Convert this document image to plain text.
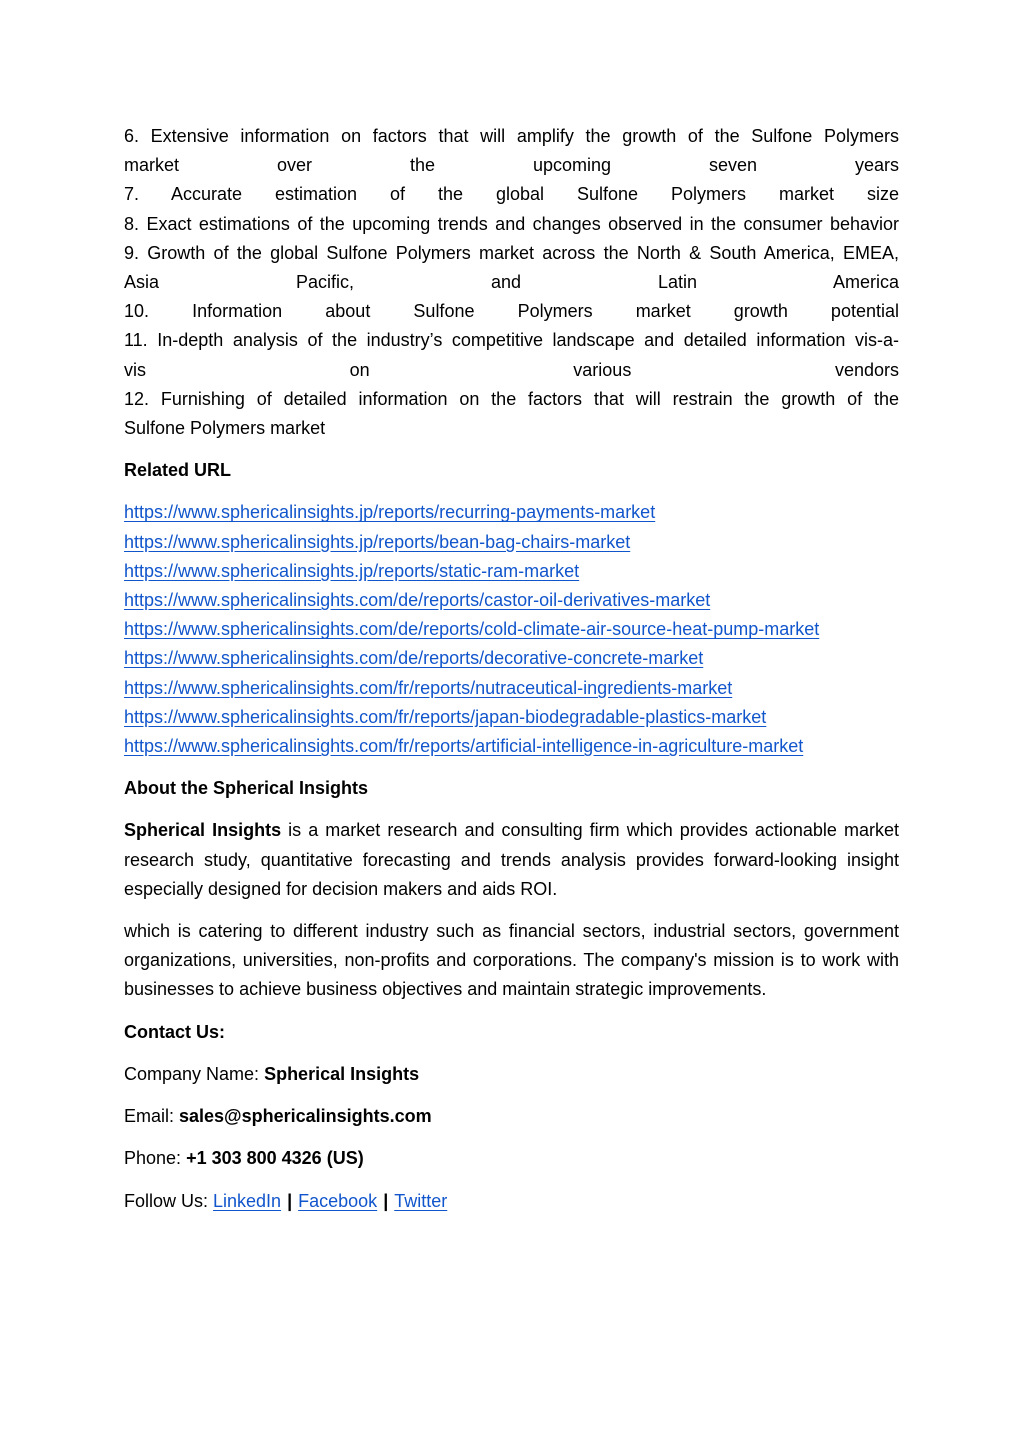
6. Extensive information on factors that will amplify the growth of the Sulfone Polymers
market over the upcoming seven years
7. Accurate estimation of the global Sulfone Polymers market size
8. Exact estimations of the upcoming trends and changes observed in the consumer behavior
9. Growth of the global Sulfone Polymers market across the North & South America, EMEA,
Asia Pacific, and Latin America
10. Information about Sulfone Polymers market growth potential
11. In-depth analysis of the industry’s competitive landscape and detailed information vis-a-
vis on various vendors
12. Furnishing of detailed information on the factors that will restrain the growth of the
Sulfone Polymers market
Related URL
https://www.sphericalinsights.jp/reports/recurring-payments-market
https://www.sphericalinsights.jp/reports/bean-bag-chairs-market
https://www.sphericalinsights.jp/reports/static-ram-market
https://www.sphericalinsights.com/de/reports/castor-oil-derivatives-market
https://www.sphericalinsights.com/de/reports/cold-climate-air-source-heat-pump-market
https://www.sphericalinsights.com/de/reports/decorative-concrete-market
https://www.sphericalinsights.com/fr/reports/nutraceutical-ingredients-market
https://www.sphericalinsights.com/fr/reports/japan-biodegradable-plastics-market
https://www.sphericalinsights.com/fr/reports/artificial-intelligence-in-agriculture-market
About the Spherical Insights

Spherical Insights is a market research and consulting firm which provides actionable market research study, quantitative forecasting and trends analysis provides forward-looking insight especially designed for decision makers and aids ROI.

which is catering to different industry such as financial sectors, industrial sectors, government organizations, universities, non-profits and corporations. The company's mission is to work with businesses to achieve business objectives and maintain strategic improvements.

Contact Us:
Company Name: Spherical Insights
Email: sales@sphericalinsights.com
Phone: +1 303 800 4326 (US)
Follow Us: LinkedIn | Facebook | Twitter
